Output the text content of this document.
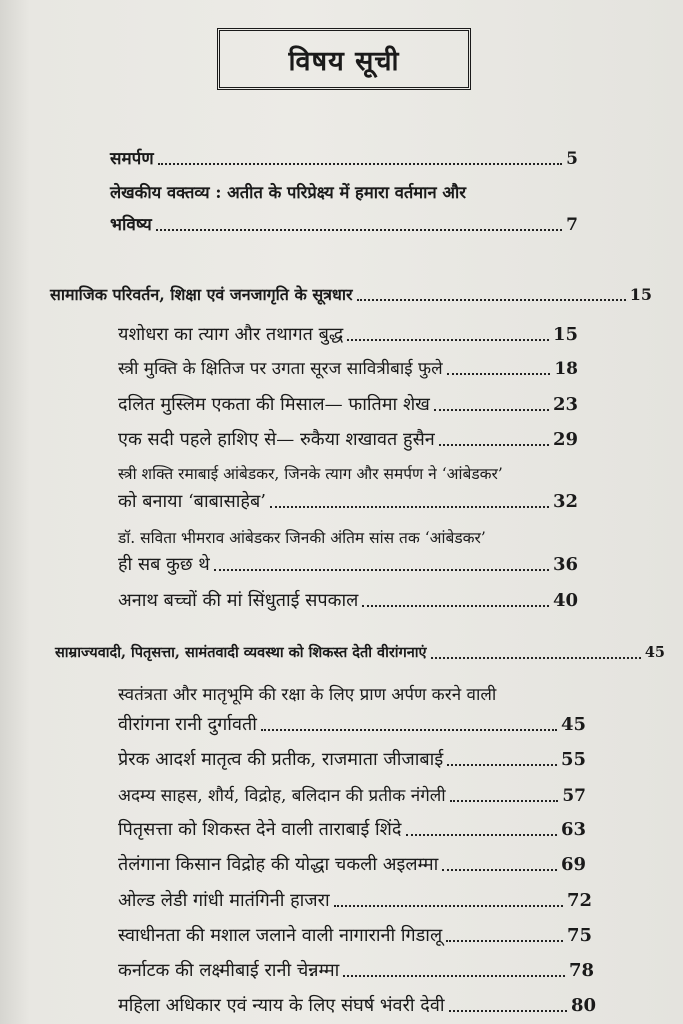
विषय सूची
समर्पण	5
लेखकीय वक्तव्य : अतीत के परिप्रेक्ष्य में हमारा वर्तमान और
भविष्य	7
सामाजिक परिवर्तन, शिक्षा एवं जनजागृति के सूत्रधार	15
यशोधरा का त्याग और तथागत बुद्ध	15
स्त्री मुक्ति के क्षितिज पर उगता सूरज सावित्रीबाई फुले	18
दलित मुस्लिम एकता की मिसाल— फातिमा शेख	23
एक सदी पहले हाशिए से— रुकैया शखावत हुसैन	29
स्त्री शक्ति रमाबाई आंबेडकर, जिनके त्याग और समर्पण ने ‘आंबेडकर’
को बनाया ‘बाबासाहेब’	32
डॉ. सविता भीमराव आंबेडकर जिनकी अंतिम सांस तक ‘आंबेडकर’
ही सब कुछ थे	36
अनाथ बच्चों की मां सिंधुताई सपकाल	40
साम्राज्यवादी, पितृसत्ता, सामंतवादी व्यवस्था को शिकस्त देती वीरांगनाएं	45
स्वतंत्रता और मातृभूमि की रक्षा के लिए प्राण अर्पण करने वाली
वीरांगना रानी दुर्गावती	45
प्रेरक आदर्श मातृत्व की प्रतीक, राजमाता जीजाबाई	55
अदम्य साहस, शौर्य, विद्रोह, बलिदान की प्रतीक नंगेली	57
पितृसत्ता को शिकस्त देने वाली ताराबाई शिंदे	63
तेलंगाना किसान विद्रोह की योद्धा चकली अइलम्मा	69
ओल्ड लेडी गांधी मातंगिनी हाजरा	72
स्वाधीनता की मशाल जलाने वाली नागारानी गिडालू	75
कर्नाटक की लक्ष्मीबाई रानी चेन्नम्मा	78
महिला अधिकार एवं न्याय के लिए संघर्ष भंवरी देवी	80
